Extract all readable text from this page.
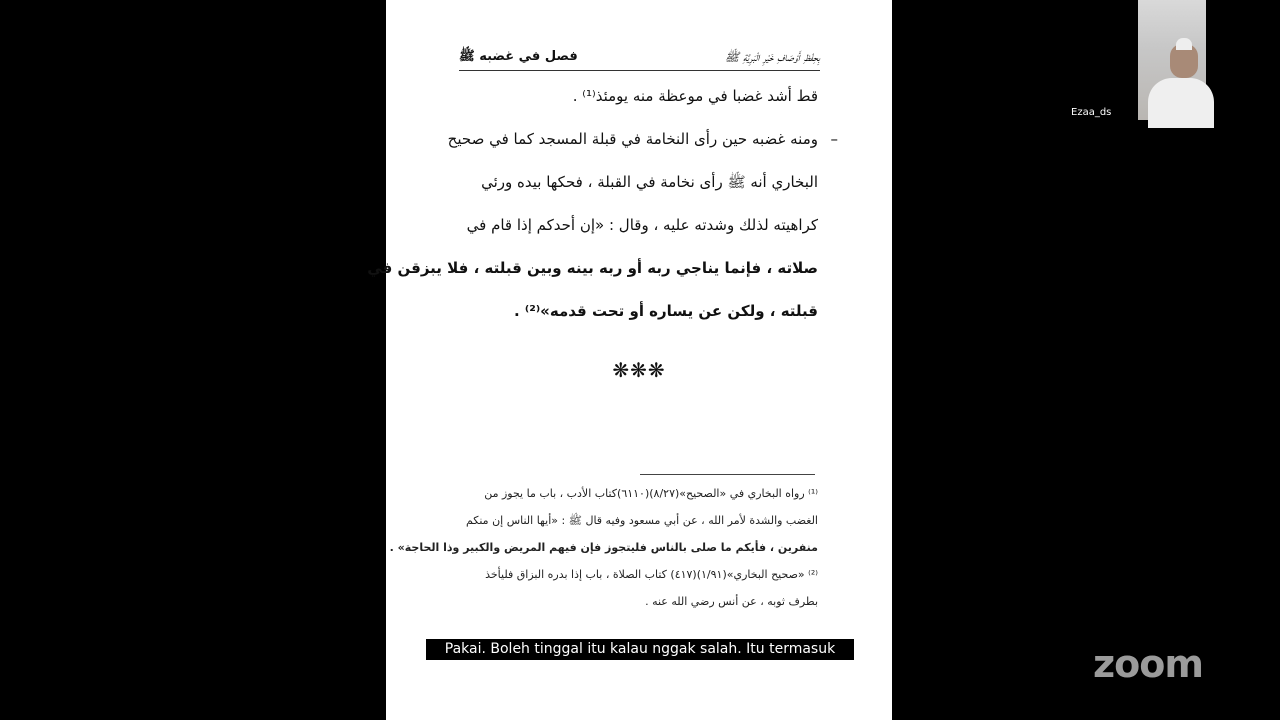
بِحِفْظِ أَوْصَافِ خَيْرِ الْبَرِيَّةِ ﷺ
فصل في غضبه ﷺ
قط أشد غضبا في موعظة منه يومئذ⁽¹⁾ .
–
ومنه غضبه حين رأى النخامة في قبلة المسجد كما في صحيح
البخاري أنه ﷺ رأى نخامة في القبلة ، فحكها بيده ورئي
كراهيته لذلك وشدته عليه ، وقال : «إن أحدكم إذا قام في
صلاته ، فإنما يناجي ربه أو ربه بينه وبين قبلته ، فلا يبزقن في
قبلته ، ولكن عن يساره أو تحت قدمه»⁽²⁾ .
❋❋❋
⁽¹⁾ رواه البخاري في «الصحيح»(٨/٢٧)(٦١١٠)كتاب الأدب ، باب ما يجوز من
الغضب والشدة لأمر الله ، عن أبي مسعود وفيه قال ﷺ : «أيها الناس إن منكم
منفرين ، فأيكم ما صلى بالناس فليتجوز فإن فيهم المريض والكبير وذا الحاجة» .
⁽²⁾ «صحيح البخاري»(١/٩١)(٤١٧) كتاب الصلاة ، باب إذا بدره البزاق فليأخذ
بطرف ثوبه ، عن أنس رضي الله عنه .
Ezaa_ds
Pakai. Boleh tinggal itu kalau nggak salah. Itu termasuk	zoom
